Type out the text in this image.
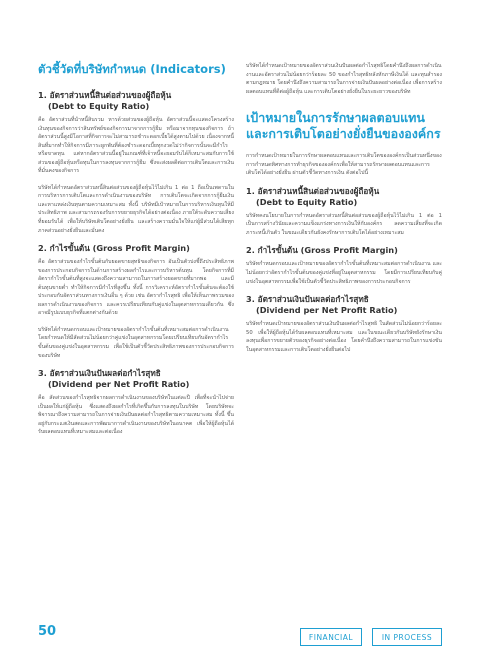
ตัวชี้วัดที่บริษัทกำหนด (Indicators)
1. อัตราส่วนหนี้สินต่อส่วนของผู้ถือหุ้น
(Debt to Equity Ratio)

คือ อัตราส่วนที่นำหนี้สินรวม หารด้วยส่วนของผู้ถือหุ้น อัตราส่วนนี้จะแสดงโครงสร้างเงินทุนของกิจการว่าสินทรัพย์ของกิจการมาจากการกู้ยืม หรือมาจากทุนของกิจการ ถ้าอัตราส่วนนี้สูงมีโอกาสที่กิจการจะไม่สามารถชำระดอกเบี้ยได้สูงตามไปด้วย เนื่องจากหนี้สินที่มากทำให้กิจการมีภาระผูกพันที่ต้องชำระดอกเบี้ยทุกงวดไม่ว่ากิจการนั้นจะมีกำไร หรือขาดทุน แต่หากอัตราส่วนนี้อยู่ในเกณฑ์ที่เจ้าหนี้จะยอมรับได้ก็เหมาะสมกับการใช้ส่วนของผู้ถือหุ้นหรือทุนในการลงทุนจากการกู้ยืม ซึ่งจะส่งผลดีต่อการเติบโตและการเงินที่มั่นคงของกิจการ

บริษัทได้กำหนดอัตราส่วนหนี้สินต่อส่วนของผู้ถือหุ้นไว้ไม่เกิน 1 ต่อ 1 ถือเป็นเพดานในการบริหารการเติบโตและการดำเนินงานของบริษัท การเติบโตจะเกิดจากการกู้ยืมเงินและหาแหล่งเงินทุนตามความเหมาะสม ทั้งนี้ บริษัทมีเป้าหมายในการบริหารเงินทุนให้มีประสิทธิภาพ และสามารถรองรับการขยายธุรกิจได้อย่างต่อเนื่อง ภายใต้ระดับความเสี่ยงที่ยอมรับได้ เพื่อให้บริษัทเติบโตอย่างยั่งยืน และสร้างความมั่นใจให้แก่ผู้มีส่วนได้เสียทุกภาคส่วนอย่างยั่งยืนและมั่นคง

2. กำไรขั้นต้น (Gross Profit Margin)

คือ อัตราส่วนของกำไรขั้นต้นกับยอดขายสุทธิของกิจการ อันเป็นตัวบ่งชี้ถึงประสิทธิภาพของการประกอบกิจการในด้านการสร้างผลกำไรและการบริหารต้นทุน โดยกิจการที่มีอัตรากำไรขั้นต้นที่สูงจะแสดงถึงความสามารถในการสร้างยอดขายที่มากพอ และมีต้นทุนขายต่ำ ทำให้กิจการมีกำไรที่สูงขึ้น ทั้งนี้ การวิเคราะห์อัตรากำไรขั้นต้นจะต้องใช้ประกอบกับอัตราส่วนทางการเงินอื่น ๆ ด้วย เช่น อัตรากำไรสุทธิ เพื่อให้เห็นภาพรวมของผลการดำเนินงานของกิจการ และควรเปรียบเทียบกับคู่แข่งในอุตสาหกรรมเดียวกัน ซึ่งอาจมีรูปแบบธุรกิจที่แตกต่างกันด้วย

บริษัทได้กำหนดกรอบและเป้าหมายของอัตรากำไรขั้นต้นที่เหมาะสมต่อการดำเนินงาน โดยกำหนดให้มีสัดส่วนไม่น้อยกว่าคู่แข่งในอุตสาหกรรมโดยเปรียบเทียบกับอัตรากำไรขั้นต้นของคู่แข่งในอุตสาหกรรม เพื่อใช้เป็นตัวชี้วัดประสิทธิภาพของการประกอบกิจการของบริษัท

3. อัตราส่วนเงินปันผลต่อกำไรสุทธิ
(Dividend per Net Profit Ratio)

คือ สัดส่วนของกำไรสุทธิจากผลการดำเนินงานของบริษัทในแต่ละปี เพื่อที่จะนำไปจ่ายเป็นผลให้แก่ผู้ถือหุ้น ซึ่งแสดงถึงผลกำไรที่เกิดขึ้นกับการลงทุนในบริษัท โดยบริษัทจะพิจารณาถึงความสามารถในการจ่ายเงินปันผลต่อกำไรสุทธิตามความเหมาะสม ทั้งนี้ ขึ้นอยู่กับกระแสเงินสดและการพัฒนาการดำเนินงานของบริษัทในอนาคต เพื่อให้ผู้ถือหุ้นได้รับผลตอบแทนที่เหมาะสมและต่อเนื่อง

บริษัทได้กำหนดเป้าหมายของอัตราส่วนเงินปันผลต่อกำไรสุทธิโดยคำนึงถึงผลการดำเนินงานและอัตราส่วนไม่น้อยกว่าร้อยละ 50 ของกำไรสุทธิหลังหักภาษีเงินได้ และทุนสำรองตามกฎหมาย โดยคำนึงถึงความสามารถในการจ่ายเงินปันผลอย่างต่อเนื่อง เพื่อการสร้างผลตอบแทนที่ดีต่อผู้ถือหุ้น และการเติบโตอย่างยั่งยืนในระยะยาวของบริษัท

เป้าหมายในการรักษาผลตอบแทน
และการเติบโตอย่างยั่งยืนขององค์กร

การกำหนดเป้าหมายในการรักษาผลตอบแทนและการเติบโตขององค์กรเป็นส่วนหนึ่งของการกำหนดทิศทางการทำธุรกิจขององค์กรเพื่อให้สามารถรักษาผลตอบแทนและการเติบโตได้อย่างยั่งยืน ผ่านตัวชี้วัดทางการเงิน ดังต่อไปนี้

1. อัตราส่วนหนี้สินต่อส่วนของผู้ถือหุ้น
(Debt to Equity Ratio)

บริษัทคงนโยบายในการกำหนดอัตราส่วนหนี้สินต่อส่วนของผู้ถือหุ้นไว้ไม่เกิน 1 ต่อ 1 เป็นการสร้างวินัยและความแข็งแกร่งทางการเงินให้กับองค์กร ลดความเสี่ยงที่จะเกิดภาระหนี้เกินตัว ในขณะเดียวกันยังคงรักษาการเติบโตได้อย่างเหมาะสม

2. กำไรขั้นต้น (Gross Profit Margin)

บริษัทกำหนดกรอบและเป้าหมายของอัตรากำไรขั้นต้นที่เหมาะสมต่อการดำเนินงาน และไม่น้อยกว่าอัตรากำไรขั้นต้นของคู่แข่งที่อยู่ในอุตสาหกรรม โดยมีการเปรียบเทียบกับคู่แข่งในอุตสาหกรรมเพื่อใช้เป็นตัวชี้วัดประสิทธิภาพของการประกอบกิจการ

3. อัตราส่วนเงินปันผลต่อกำไรสุทธิ
(Dividend per Net Profit Ratio)

บริษัทกำหนดเป้าหมายของอัตราส่วนเงินปันผลต่อกำไรสุทธิ ในสัดส่วนไม่น้อยกว่าร้อยละ 50 เพื่อให้ผู้ถือหุ้นได้รับผลตอบแทนที่เหมาะสม และในขณะเดียวกันบริษัทยังรักษาเงินลงทุนเพื่อการขยายตัวของธุรกิจอย่างต่อเนื่อง โดยคำนึงถึงความสามารถในการแข่งขันในอุตสาหกรรมและการเติบโตอย่างยั่งยืนต่อไป

50	FINANCIAL	IN PROCESS
